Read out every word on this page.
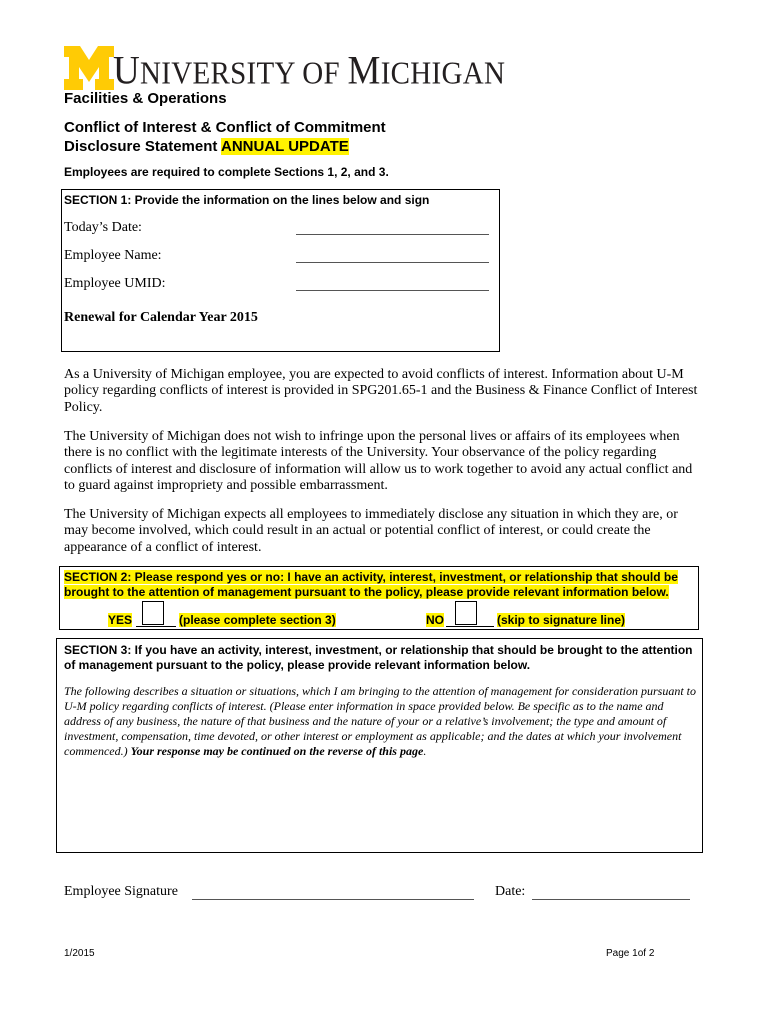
UNIVERSITY OF MICHIGAN
Facilities & Operations
Conflict of Interest & Conflict of Commitment
Disclosure Statement ANNUAL UPDATE
Employees are required to complete Sections 1, 2, and 3.
SECTION 1: Provide the information on the lines below and sign
Today’s Date:
Employee Name:
Employee UMID:
Renewal for Calendar Year 2015
As a University of Michigan employee, you are expected to avoid conflicts of interest. Information about U-M policy regarding conflicts of interest is provided in SPG201.65-1 and the Business & Finance Conflict of Interest Policy.
The University of Michigan does not wish to infringe upon the personal lives or affairs of its employees when there is no conflict with the legitimate interests of the University. Your observance of the policy regarding conflicts of interest and disclosure of information will allow us to work together to avoid any actual conflict and to guard against impropriety and possible embarrassment.
The University of Michigan expects all employees to immediately disclose any situation in which they are, or may become involved, which could result in an actual or potential conflict of interest, or could create the appearance of a conflict of interest.
SECTION 2: Please respond yes or no: I have an activity, interest, investment, or relationship that should be brought to the attention of management pursuant to the policy, please provide relevant information below.
YES	(please complete section 3)	NO	(skip to signature line)
SECTION 3: If you have an activity, interest, investment, or relationship that should be brought to the attention of management pursuant to the policy, please provide relevant information below.
The following describes a situation or situations, which I am bringing to the attention of management for consideration pursuant to U-M policy regarding conflicts of interest. (Please enter information in space provided below. Be specific as to the name and address of any business, the nature of that business and the nature of your or a relative’s involvement; the type and amount of investment, compensation, time devoted, or other interest or employment as applicable; and the dates at which your involvement commenced.) Your response may be continued on the reverse of this page.
Employee Signature	Date:
1/2015	Page 1of 2
